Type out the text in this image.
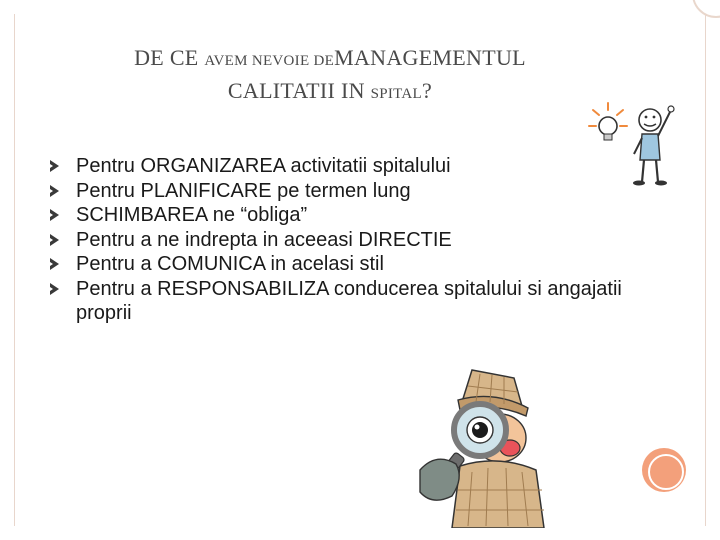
DE CE AVEM NEVOIE DEMANAGEMENTUL
CALITATII IN SPITAL?
Pentru ORGANIZAREA activitatii spitalului
Pentru PLANIFICARE pe termen lung
SCHIMBAREA ne “obliga”
Pentru a ne indrepta in aceeasi DIRECTIE
Pentru a COMUNICA in acelasi stil
Pentru a RESPONSABILIZA conducerea spitalului si angajatii proprii
